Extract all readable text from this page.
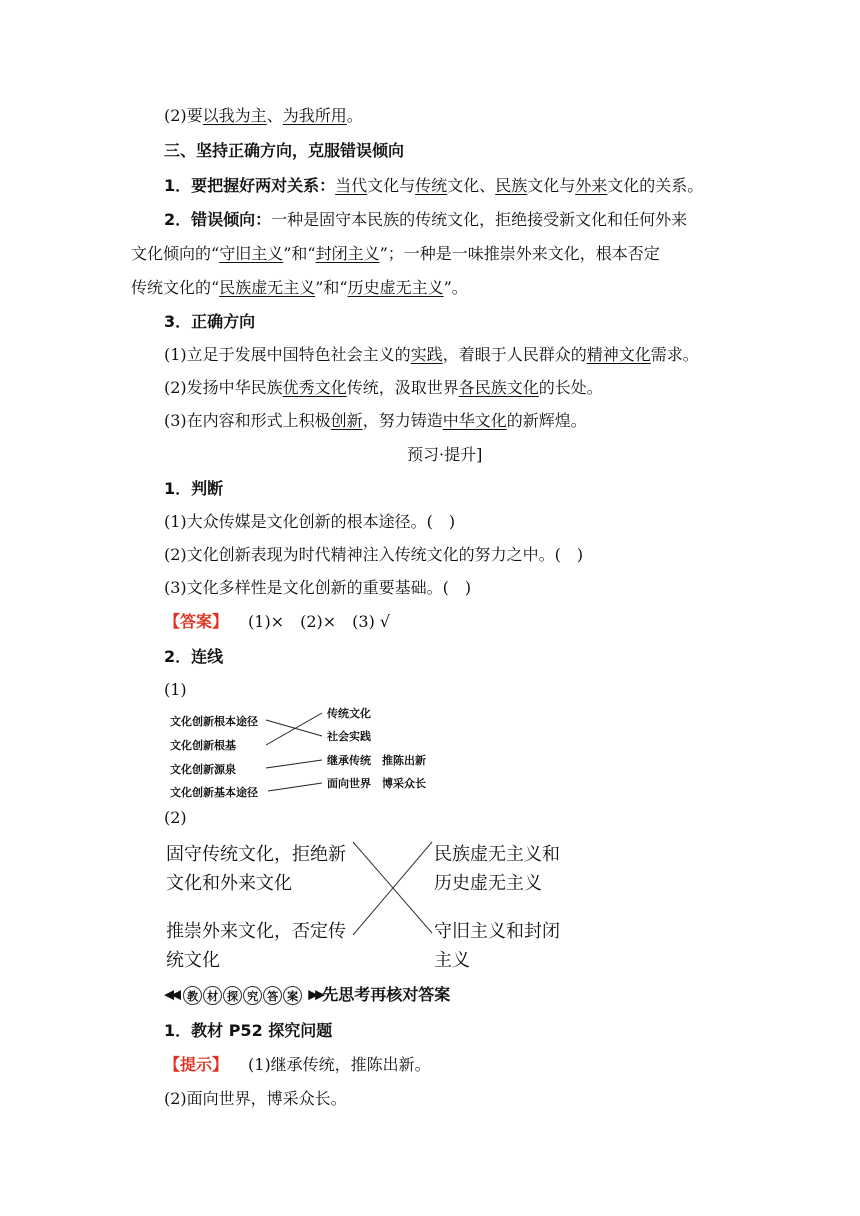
(2)要以我为主、为我所用。
三、坚持正确方向，克服错误倾向
1．要把握好两对关系：当代文化与传统文化、民族文化与外来文化的关系。
2．错误倾向：一种是固守本民族的传统文化，拒绝接受新文化和任何外来
文化倾向的“守旧主义”和“封闭主义”；一种是一味推崇外来文化，根本否定
传统文化的“民族虚无主义”和“历史虚无主义”。
3．正确方向
(1)立足于发展中国特色社会主义的实践，着眼于人民群众的精神文化需求。
(2)发扬中华民族优秀文化传统，汲取世界各民族文化的长处。
(3)在内容和形式上积极创新，努力铸造中华文化的新辉煌。
预习·提升]
1．判断
(1)大众传媒是文化创新的根本途径。(　)
(2)文化创新表现为时代精神注入传统文化的努力之中。(　)
(3)文化多样性是文化创新的重要基础。(　)
【答案】 (1)×　(2)×　(3) √
2．连线
(1)
文化创新根本途径
文化创新根基
文化创新源泉
文化创新基本途径
传统文化
社会实践
继承传统　推陈出新
面向世界　博采众长
(2)
固守传统文化，拒绝新
文化和外来文化
推崇外来文化，否定传
统文化
民族虚无主义和
历史虚无主义
守旧主义和封闭
主义
◀◀ 教 材 探 究 答 案 ▶▶先思考再核对答案
1．教材 P52 探究问题
【提示】 (1)继承传统，推陈出新。
(2)面向世界，博采众长。
